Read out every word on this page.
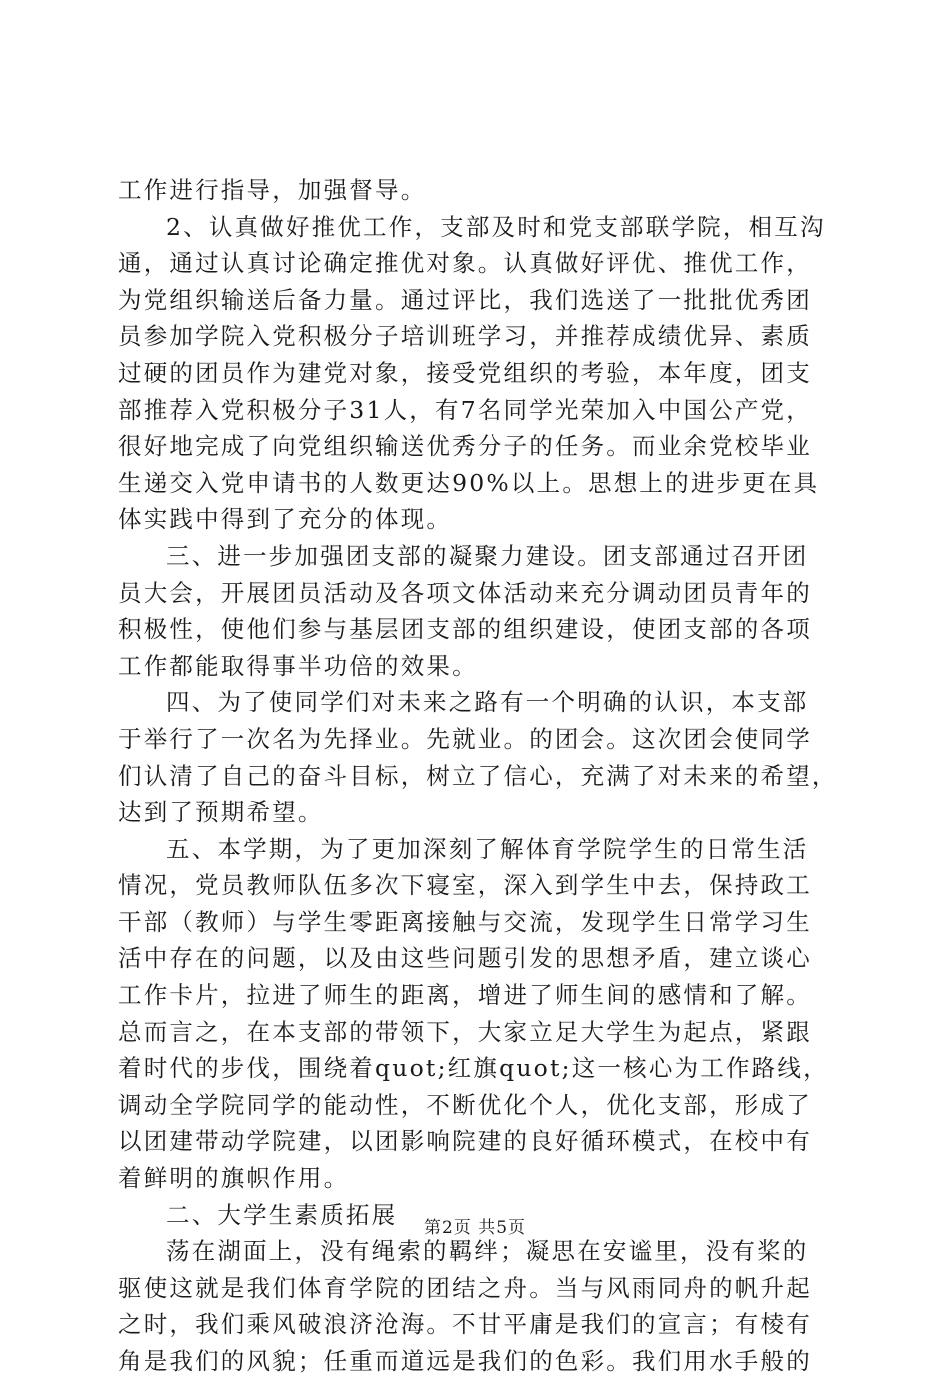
工作进行指导，加强督导。
2、认真做好推优工作，支部及时和党支部联学院，相互沟
通，通过认真讨论确定推优对象。认真做好评优、推优工作，
为党组织输送后备力量。通过评比，我们选送了一批批优秀团
员参加学院入党积极分子培训班学习，并推荐成绩优异、素质
过硬的团员作为建党对象，接受党组织的考验，本年度，团支
部推荐入党积极分子31人，有7名同学光荣加入中国公产党，
很好地完成了向党组织输送优秀分子的任务。而业余党校毕业
生递交入党申请书的人数更达90%以上。思想上的进步更在具
体实践中得到了充分的体现。
三、进一步加强团支部的凝聚力建设。团支部通过召开团
员大会，开展团员活动及各项文体活动来充分调动团员青年的
积极性，使他们参与基层团支部的组织建设，使团支部的各项
工作都能取得事半功倍的效果。
四、为了使同学们对未来之路有一个明确的认识，本支部
于举行了一次名为先择业。先就业。的团会。这次团会使同学
们认清了自己的奋斗目标，树立了信心，充满了对未来的希望，
达到了预期希望。
五、本学期，为了更加深刻了解体育学院学生的日常生活
情况，党员教师队伍多次下寝室，深入到学生中去，保持政工
干部（教师）与学生零距离接触与交流，发现学生日常学习生
活中存在的问题，以及由这些问题引发的思想矛盾，建立谈心
工作卡片，拉进了师生的距离，增进了师生间的感情和了解。
总而言之，在本支部的带领下，大家立足大学生为起点，紧跟
着时代的步伐，围绕着quot;红旗quot;这一核心为工作路线，
调动全学院同学的能动性，不断优化个人，优化支部，形成了
以团建带动学院建，以团影响院建的良好循环模式，在校中有
着鲜明的旗帜作用。
二、大学生素质拓展
荡在湖面上，没有绳索的羁绊；凝思在安谧里，没有桨的
驱使这就是我们体育学院的团结之舟。当与风雨同舟的帆升起
之时，我们乘风破浪济沧海。不甘平庸是我们的宣言；有棱有
角是我们的风貌；任重而道远是我们的色彩。我们用水手般的
第2页 共5页
